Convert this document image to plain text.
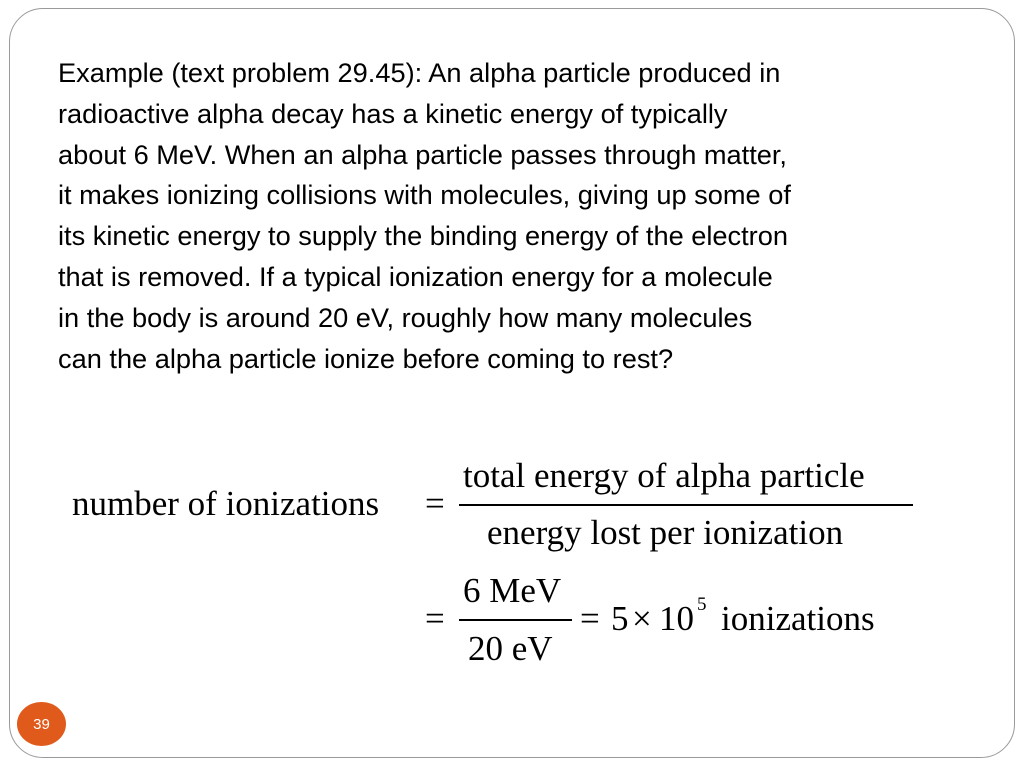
Example (text problem 29.45): An alpha particle produced in
radioactive alpha decay has a kinetic energy of typically
about 6 MeV. When an alpha particle passes through matter,
it makes ionizing collisions with molecules, giving up some of
its kinetic energy to supply the binding energy of the electron
that is removed. If a typical ionization energy for a molecule
in the body is around 20 eV, roughly how many molecules
can the alpha particle ionize before coming to rest?

number of ionizations =
total energy of alpha particle
energy lost per ionization
=
6 MeV
20 eV
= 5 × 10 5 ionizations
39
